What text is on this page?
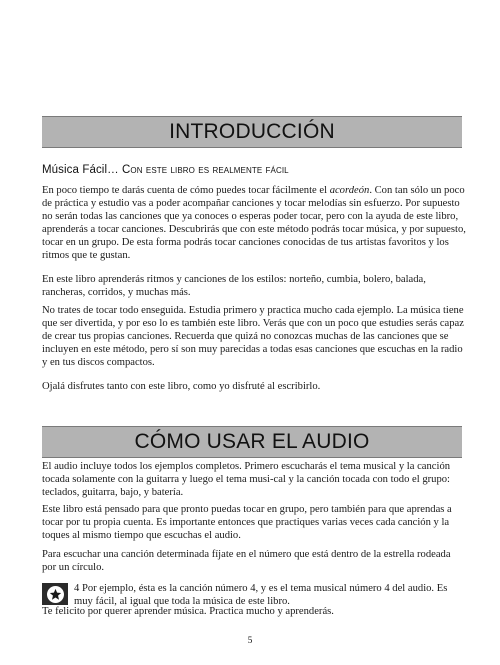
INTRODUCCIÓN
Música Fácil… Con este libro es realmente fácil

En poco tiempo te darás cuenta de cómo puedes tocar fácilmente el acordeón. Con tan sólo un poco de práctica y estudio vas a poder acompañar canciones y tocar melodías sin esfuerzo. Por supuesto no serán todas las canciones que ya conoces o esperas poder tocar, pero con la ayuda de este libro, aprenderás a tocar canciones. Descubrirás que con este método podrás tocar música, y por supuesto, tocar en un grupo. De esta forma podrás tocar canciones conocidas de tus artistas favoritos y los ritmos que te gustan.

En este libro aprenderás ritmos y canciones de los estilos: norteño, cumbia, bolero, balada, rancheras, corridos, y muchas más.

No trates de tocar todo enseguida. Estudia primero y practica mucho cada ejemplo. La música tiene que ser divertida, y por eso lo es también este libro. Verás que con un poco que estudies serás capaz de crear tus propias canciones. Recuerda que quizá no conozcas muchas de las canciones que se incluyen en este método, pero sí son muy parecidas a todas esas canciones que escuchas en la radio y en tus discos compactos.

Ojalá disfrutes tanto con este libro, como yo disfruté al escribirlo.

CÓMO USAR EL AUDIO

El audio incluye todos los ejemplos completos. Primero escucharás el tema musical y la canción tocada solamente con la guitarra y luego el tema musi-cal y la canción tocada con todo el grupo: teclados, guitarra, bajo, y batería.

Este libro está pensado para que pronto puedas tocar en grupo, pero también para que aprendas a tocar por tu propia cuenta. Es importante entonces que practiques varias veces cada canción y la toques al mismo tiempo que escuchas el audio.

Para escuchar una canción determinada fíjate en el número que está dentro de la estrella rodeada por un círculo.

4 Por ejemplo, ésta es la canción número 4, y es el tema musical número 4 del audio. Es muy fácil, al igual que toda la música de este libro.

Te felicito por querer aprender música. Practica mucho y aprenderás.

5
